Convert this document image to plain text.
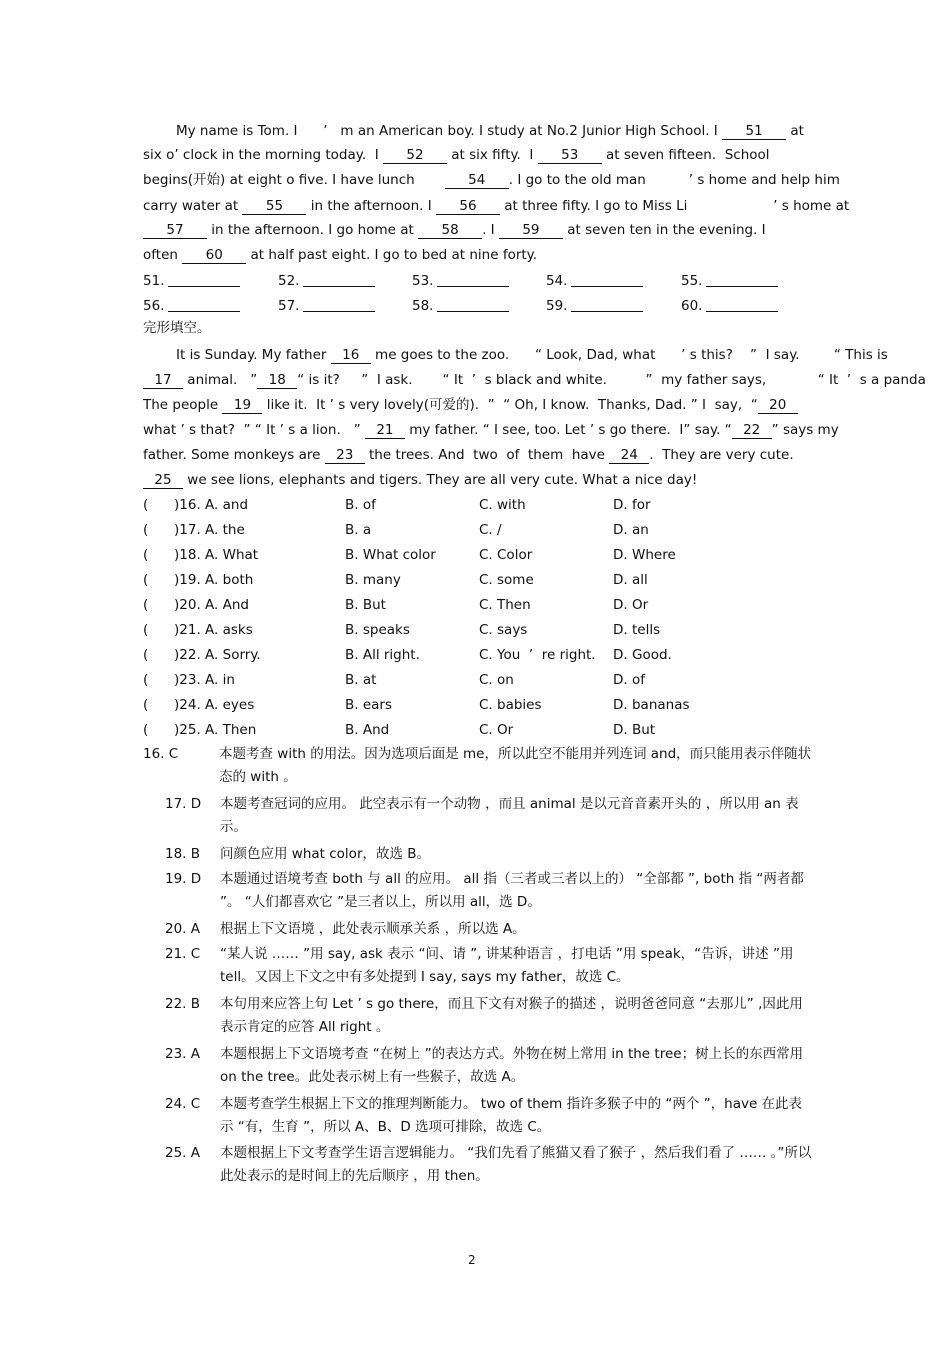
My name is Tom. I      ’   m an American boy. I study at No.2 Junior High School. I 51 at
six o’ clock in the morning today.  I 52 at six fifty.  I 53 at seven fifteen.  School
begins(开始) at eight o five. I have lunch       54 . I go to the old man          ’ s home and help him
carry water at 55 in the afternoon. I 56 at three fifty. I go to Miss Li                    ’ s home at
57 in the afternoon. I go home at 58 . I 59 at seven ten in the evening. I
often 60 at half past eight. I go to bed at nine forty.
51.	52.	53.	54.	55.
56.	57.	58.	59.	60.
完形填空。
It is Sunday. My father 16 me goes to the zoo.      “ Look, Dad, what      ’ s this?    ”  I say.        “ This is
17 animal.   ” 18 “ is it?     ”  I ask.       “ It  ’  s black and white.         ”  my father says,            “ It  ’  s a panda
The people 19 like it.  It ’ s very lovely(可爱的).  ”  “ Oh, I know.  Thanks, Dad. ” I  say,  “ 20
what ’ s that?  ” “ It ’ s a lion.   ” 21 my father. “ I see, too. Let ’ s go there.  I” say. “ 22 ” says my
father. Some monkeys are 23 the trees. And  two  of  them  have 24 .  They are very cute.
25 we see lions, elephants and tigers. They are all very cute. What a nice day!
(      )16. A. and	B. of	C. with	D. for
(      )17. A. the	B. a	C. /	D. an
(      )18. A. What	B. What color	C. Color	D. Where
(      )19. A. both	B. many	C. some	D. all
(      )20. A. And	B. But	C. Then	D. Or
(      )21. A. asks	B. speaks	C. says	D. tells
(      )22. A. Sorry.	B. All right.	C. You  ’  re right. D. Good.
(      )23. A. in	B. at	C. on	D. of
(      )24. A. eyes	B. ears	C. babies	D. bananas
(      )25. A. Then	B. And	C. Or	D. But
16. C	本题考查 with 的用法。因为选项后面是 me，所以此空不能用并列连词 and，而只能用表示伴随状态的 with 。
17. D	本题考查冠词的应用。 此空表示有一个动物 ，而且 animal 是以元音音素开头的 ，所以用 an 表示。
18. B	问颜色应用 what color，故选 B。
19. D	本题通过语境考查 both 与 all 的应用。 all 指（三者或三者以上的） “全部都 ”, both 指 “两者都 ”。 “人们都喜欢它 ”是三者以上，所以用 all，选 D。
20. A	根据上下文语境 ，此处表示顺承关系 ，所以选 A。
21. C	“某人说 …… ”用 say, ask 表示 “问、请 ”, 讲某种语言 ，打电话 ”用 speak，“告诉，讲述 ”用 tell。又因上下文之中有多处提到 I say, says my father，故选 C。
22. B	本句用来应答上句 Let ’ s go there，而且下文有对猴子的描述 ，说明爸爸同意 “去那儿” ,因此用表示肯定的应答 All right 。
23. A	本题根据上下文语境考查 “在树上 ”的表达方式。外物在树上常用 in the tree；树上长的东西常用 on the tree。此处表示树上有一些猴子，故选 A。
24. C	本题考查学生根据上下文的推理判断能力。 two of them 指许多猴子中的 “两个 ”，have 在此表示 “有，生育 ”，所以 A、B、D 选项可排除，故选 C。
25. A	本题根据上下文考查学生语言逻辑能力。 “我们先看了熊猫又看了猴子 ，然后我们看了 …… 。”所以此处表示的是时间上的先后顺序 ，用 then。
2
